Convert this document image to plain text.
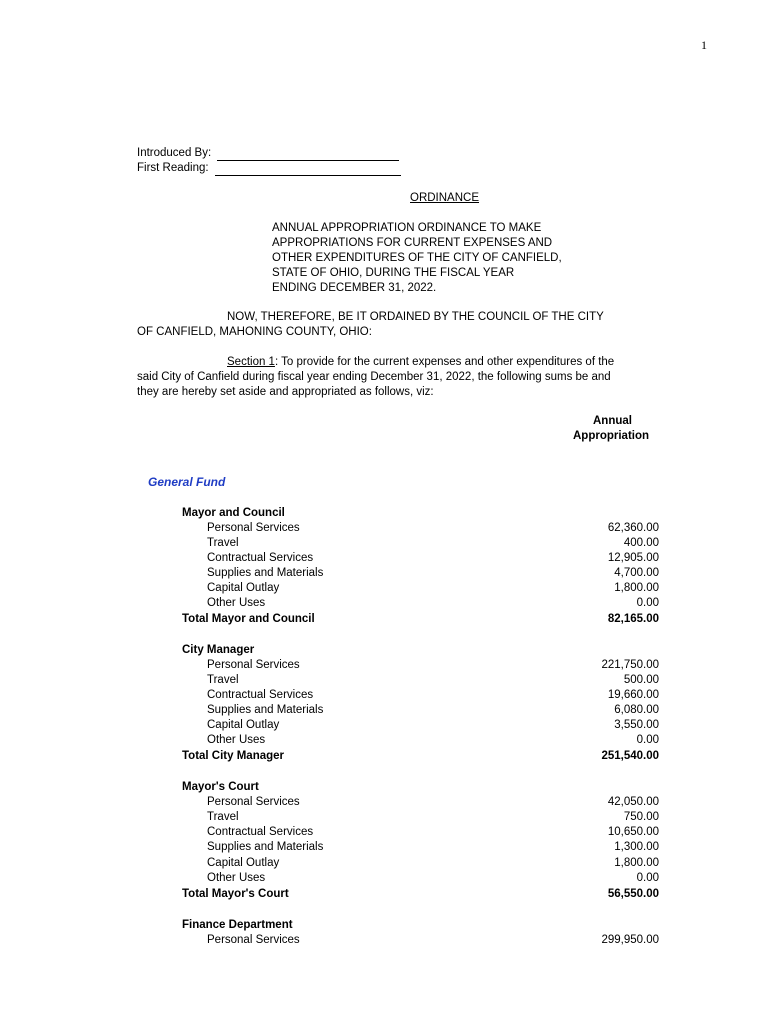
1
Introduced By:
First Reading:
ORDINANCE
ANNUAL APPROPRIATION ORDINANCE TO MAKE
APPROPRIATIONS FOR CURRENT EXPENSES AND
OTHER EXPENDITURES OF THE CITY OF CANFIELD,
STATE OF OHIO, DURING THE FISCAL YEAR
ENDING DECEMBER 31, 2022.
NOW, THEREFORE, BE IT ORDAINED BY THE COUNCIL OF THE CITY
OF CANFIELD, MAHONING COUNTY, OHIO:
Section 1: To provide for the current expenses and other expenditures of the
said City of Canfield during fiscal year ending December 31, 2022, the following sums be and
they are hereby set aside and appropriated as follows, viz:
Annual
Appropriation
General Fund
Mayor and Council
Personal Services	62,360.00
Travel	400.00
Contractual Services	12,905.00
Supplies and Materials	4,700.00
Capital Outlay	1,800.00
Other Uses	0.00
Total Mayor and Council	82,165.00
City Manager
Personal Services	221,750.00
Travel	500.00
Contractual Services	19,660.00
Supplies and Materials	6,080.00
Capital Outlay	3,550.00
Other Uses	0.00
Total City Manager	251,540.00
Mayor's Court
Personal Services	42,050.00
Travel	750.00
Contractual Services	10,650.00
Supplies and Materials	1,300.00
Capital Outlay	1,800.00
Other Uses	0.00
Total Mayor's Court	56,550.00
Finance Department
Personal Services	299,950.00
